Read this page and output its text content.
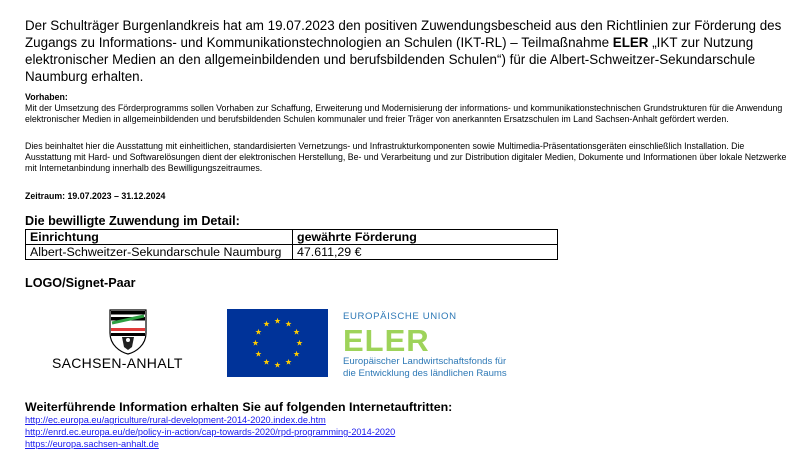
Der Schulträger Burgenlandkreis hat am 19.07.2023 den positiven Zuwendungsbescheid aus den Richtlinien zur Förderung des Zugangs zu Informations- und Kommunikationstechnologien an Schulen (IKT-RL) – Teilmaßnahme ELER „IKT zur Nutzung elektronischer Medien an den allgemeinbildenden und berufsbildenden Schulen“) für die Albert-Schweitzer-Sekundarschule Naumburg erhalten.

Vorhaben:

Mit der Umsetzung des Förderprogramms sollen Vorhaben zur Schaffung, Erweiterung und Modernisierung der informations- und kommunikationstechnischen Grundstrukturen für die Anwendung elektronischer Medien in allgemeinbildenden und berufsbildenden Schulen kommunaler und freier Träger von anerkannten Ersatzschulen im Land Sachsen-Anhalt gefördert werden.

Dies beinhaltet hier die Ausstattung mit einheitlichen, standardisierten Vernetzungs- und Infrastrukturkomponenten sowie Multimedia-Präsentationsgeräten einschließlich Installation. Die Ausstattung mit Hard- und Softwarelösungen dient der elektronischen Herstellung, Be- und Verarbeitung und zur Distribution digitaler Medien, Dokumente und Informationen über lokale Netzwerke mit Internetanbindung innerhalb des Bewilligungszeitraumes.

Zeitraum: 19.07.2023 – 31.12.2024

Die bewilligte Zuwendung im Detail:

Einrichtung	gewährte Förderung
Albert-Schweitzer-Sekundarschule Naumburg	47.611,29 €

LOGO/Signet-Paar

SACHSEN-ANHALT

EUROPÄISCHE UNION

ELER

Europäischer Landwirtschaftsfonds für
die Entwicklung des ländlichen Raums

Weiterführende Information erhalten Sie auf folgenden Internetauftritten:
http://ec.europa.eu/agriculture/rural-development-2014-2020.index.de.htm
http://enrd.ec.europa.eu/de/policy-in-action/cap-towards-2020/rpd-programming-2014-2020
https://europa.sachsen-anhalt.de
